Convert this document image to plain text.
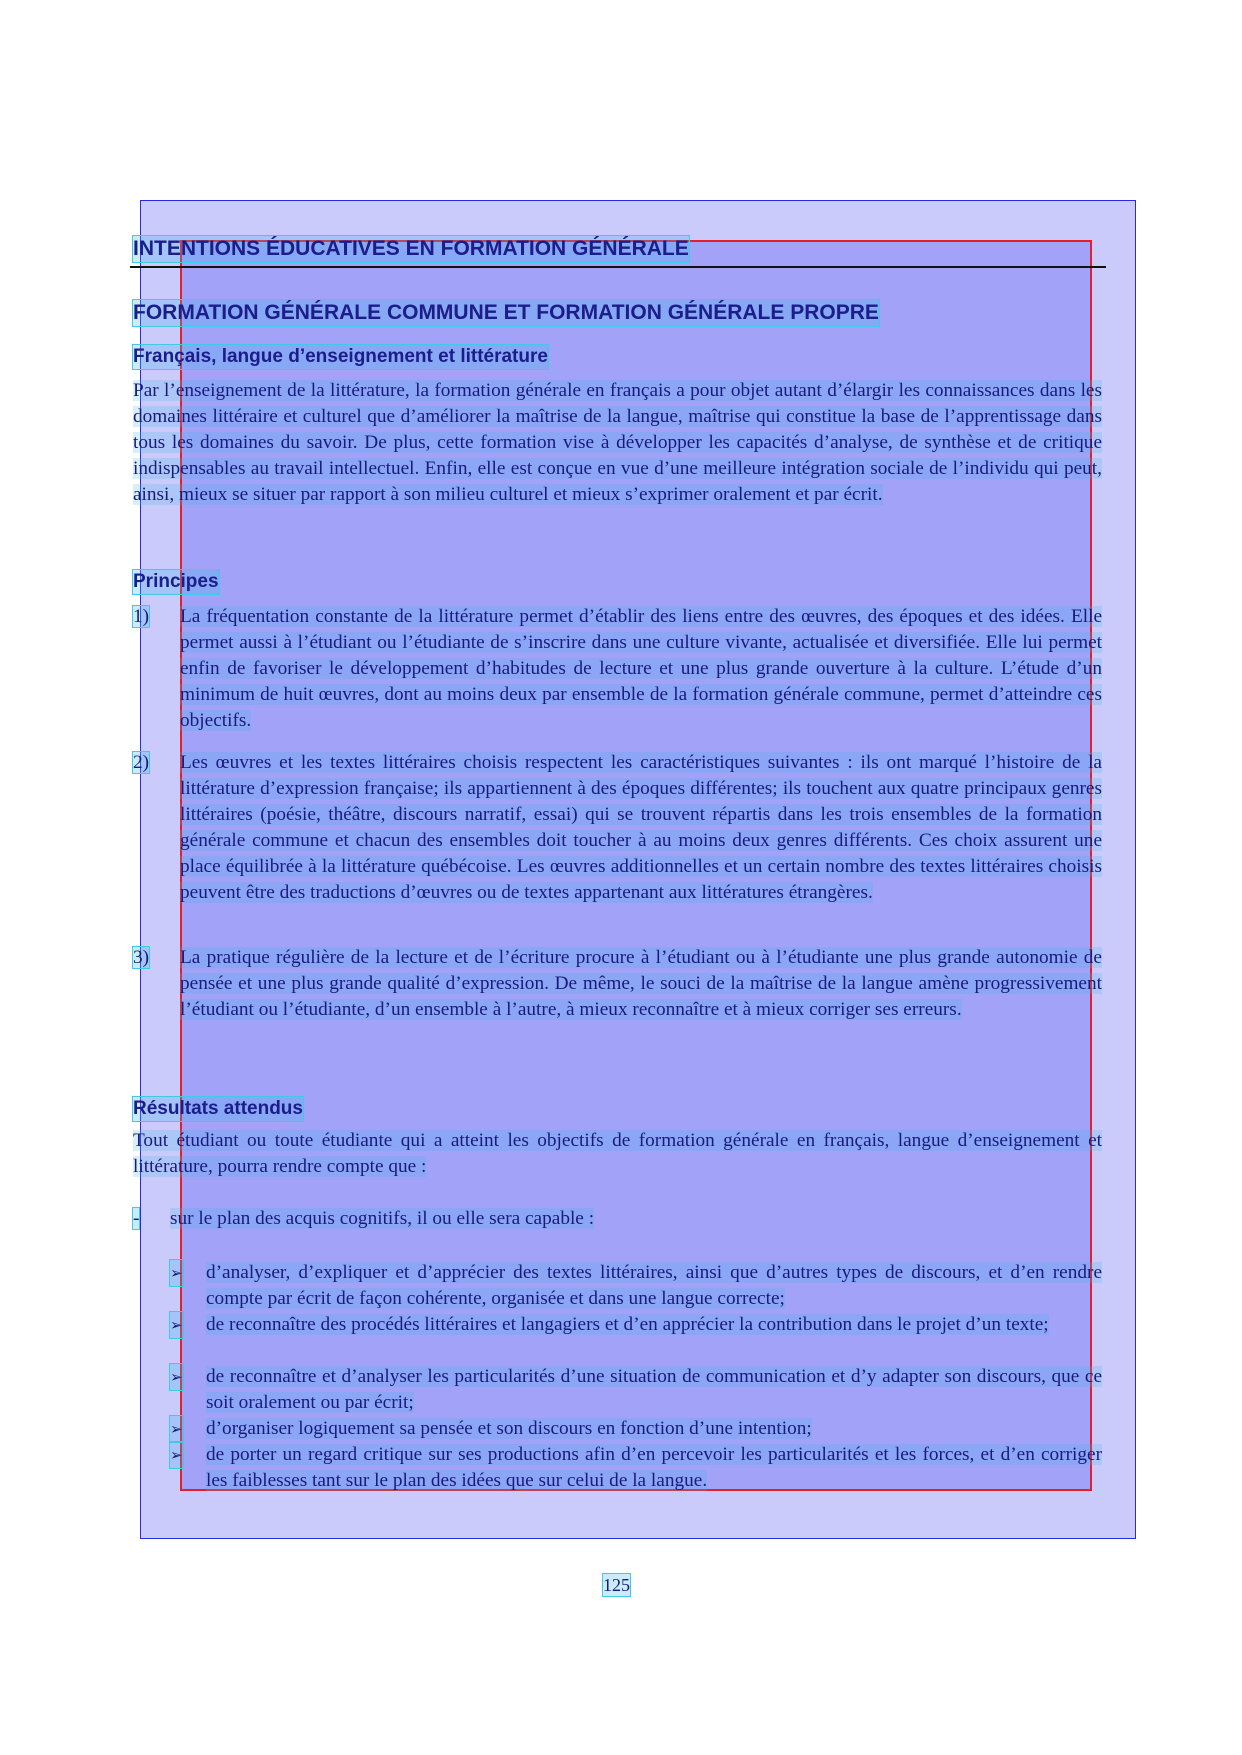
INTENTIONS ÉDUCATIVES EN FORMATION GÉNÉRALE
FORMATION GÉNÉRALE COMMUNE ET FORMATION GÉNÉRALE PROPRE
Français, langue d’enseignement et littérature
Par l’enseignement de la littérature, la formation générale en français a pour objet autant d’élargir les connaissances dans les domaines littéraire et culturel que d’améliorer la maîtrise de la langue, maîtrise qui constitue la base de l’apprentissage dans tous les domaines du savoir. De plus, cette formation vise à développer les capacités d’analyse, de synthèse et de critique indispensables au travail intellectuel. Enfin, elle est conçue en vue d’une meilleure intégration sociale de l’individu qui peut, ainsi, mieux se situer par rapport à son milieu culturel et mieux s’exprimer oralement et par écrit.
Principes
1)	La fréquentation constante de la littérature permet d’établir des liens entre des œuvres, des époques et des idées. Elle permet aussi à l’étudiant ou l’étudiante de s’inscrire dans une culture vivante, actualisée et diversifiée. Elle lui permet enfin de favoriser le développement d’habitudes de lecture et une plus grande ouverture à la culture. L’étude d’un minimum de huit œuvres, dont au moins deux par ensemble de la formation générale commune, permet d’atteindre ces objectifs.
2)	Les œuvres et les textes littéraires choisis respectent les caractéristiques suivantes : ils ont marqué l’histoire de la littérature d’expression française; ils appartiennent à des époques différentes; ils touchent aux quatre principaux genres littéraires (poésie, théâtre, discours narratif, essai) qui se trouvent répartis dans les trois ensembles de la formation générale commune et chacun des ensembles doit toucher à au moins deux genres différents. Ces choix assurent une place équilibrée à la littérature québécoise. Les œuvres additionnelles et un certain nombre des textes littéraires choisis peuvent être des traductions d’œuvres ou de textes appartenant aux littératures étrangères.
3)	La pratique régulière de la lecture et de l’écriture procure à l’étudiant ou à l’étudiante une plus grande autonomie de pensée et une plus grande qualité d’expression. De même, le souci de la maîtrise de la langue amène progressivement l’étudiant ou l’étudiante, d’un ensemble à l’autre, à mieux reconnaître et à mieux corriger ses erreurs.
Résultats attendus
Tout étudiant ou toute étudiante qui a atteint les objectifs de formation générale en français, langue d’enseignement et littérature, pourra rendre compte que :
-	sur le plan des acquis cognitifs, il ou elle sera capable :
➢ d’analyser, d’expliquer et d’apprécier des textes littéraires, ainsi que d’autres types de discours, et d’en rendre compte par écrit de façon cohérente, organisée et dans une langue correcte;
➢ de reconnaître des procédés littéraires et langagiers et d’en apprécier la contribution dans le projet d’un texte;
➢ de reconnaître et d’analyser les particularités d’une situation de communication et d’y adapter son discours, que ce soit oralement ou par écrit;
➢ d’organiser logiquement sa pensée et son discours en fonction d’une intention;
➢ de porter un regard critique sur ses productions afin d’en percevoir les particularités et les forces, et d’en corriger les faiblesses tant sur le plan des idées que sur celui de la langue.
125
